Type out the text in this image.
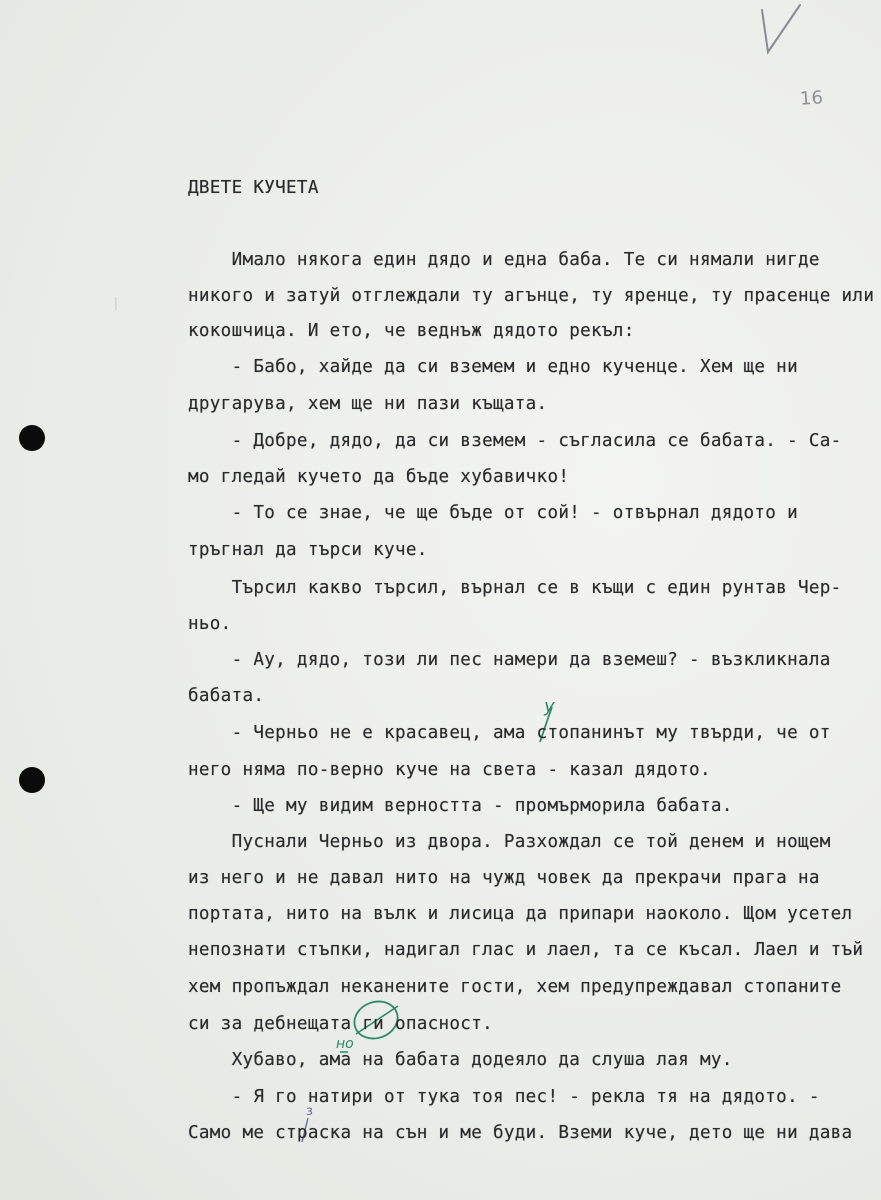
|
16
у
но
з
ДВЕТЕ КУЧЕТА
Имало някога един дядо и една баба. Те си нямали нигде
никого и затуй отглеждали ту агънце, ту яренце, ту прасенце или
кокошчица. И ето, че веднъж дядото рекъл:
- Бабо, хайде да си вземем и едно кученце. Хем ще ни
другарува, хем ще ни пази къщата.
- Добре, дядо, да си вземем - съгласила се бабата. - Са-
мо гледай кучето да бъде хубавичко!
- То се знае, че ще бъде от сой! - отвърнал дядото и
тръгнал да търси куче.
Търсил какво търсил, върнал се в къщи с един рунтав Чер-
ньо.
- Ау, дядо, този ли пес намери да вземеш? - възкликнала
бабата.
- Черньо не е красавец, ама стопанинът му твърди, че от
него няма по-верно куче на света - казал дядото.
- Ще му видим верността - промърморила бабата.
Пуснали Черньо из двора. Разхождал се той денем и нощем
из него и не давал нито на чужд човек да прекрачи прага на
портата, нито на вълк и лисица да припари наоколо. Щом усетел
непознати стъпки, надигал глас и лаел, та се късал. Лаел и тъй
хем пропъждал неканените гости, хем предупреждавал стопаните
си за дебнещата ги опасност.
Хубаво, ама на бабата додеяло да слуша лая му.
- Я го натири от тука тоя пес! - рекла тя на дядото. -
Само ме страска на сън и ме буди. Вземи куче, дето ще ни дава
